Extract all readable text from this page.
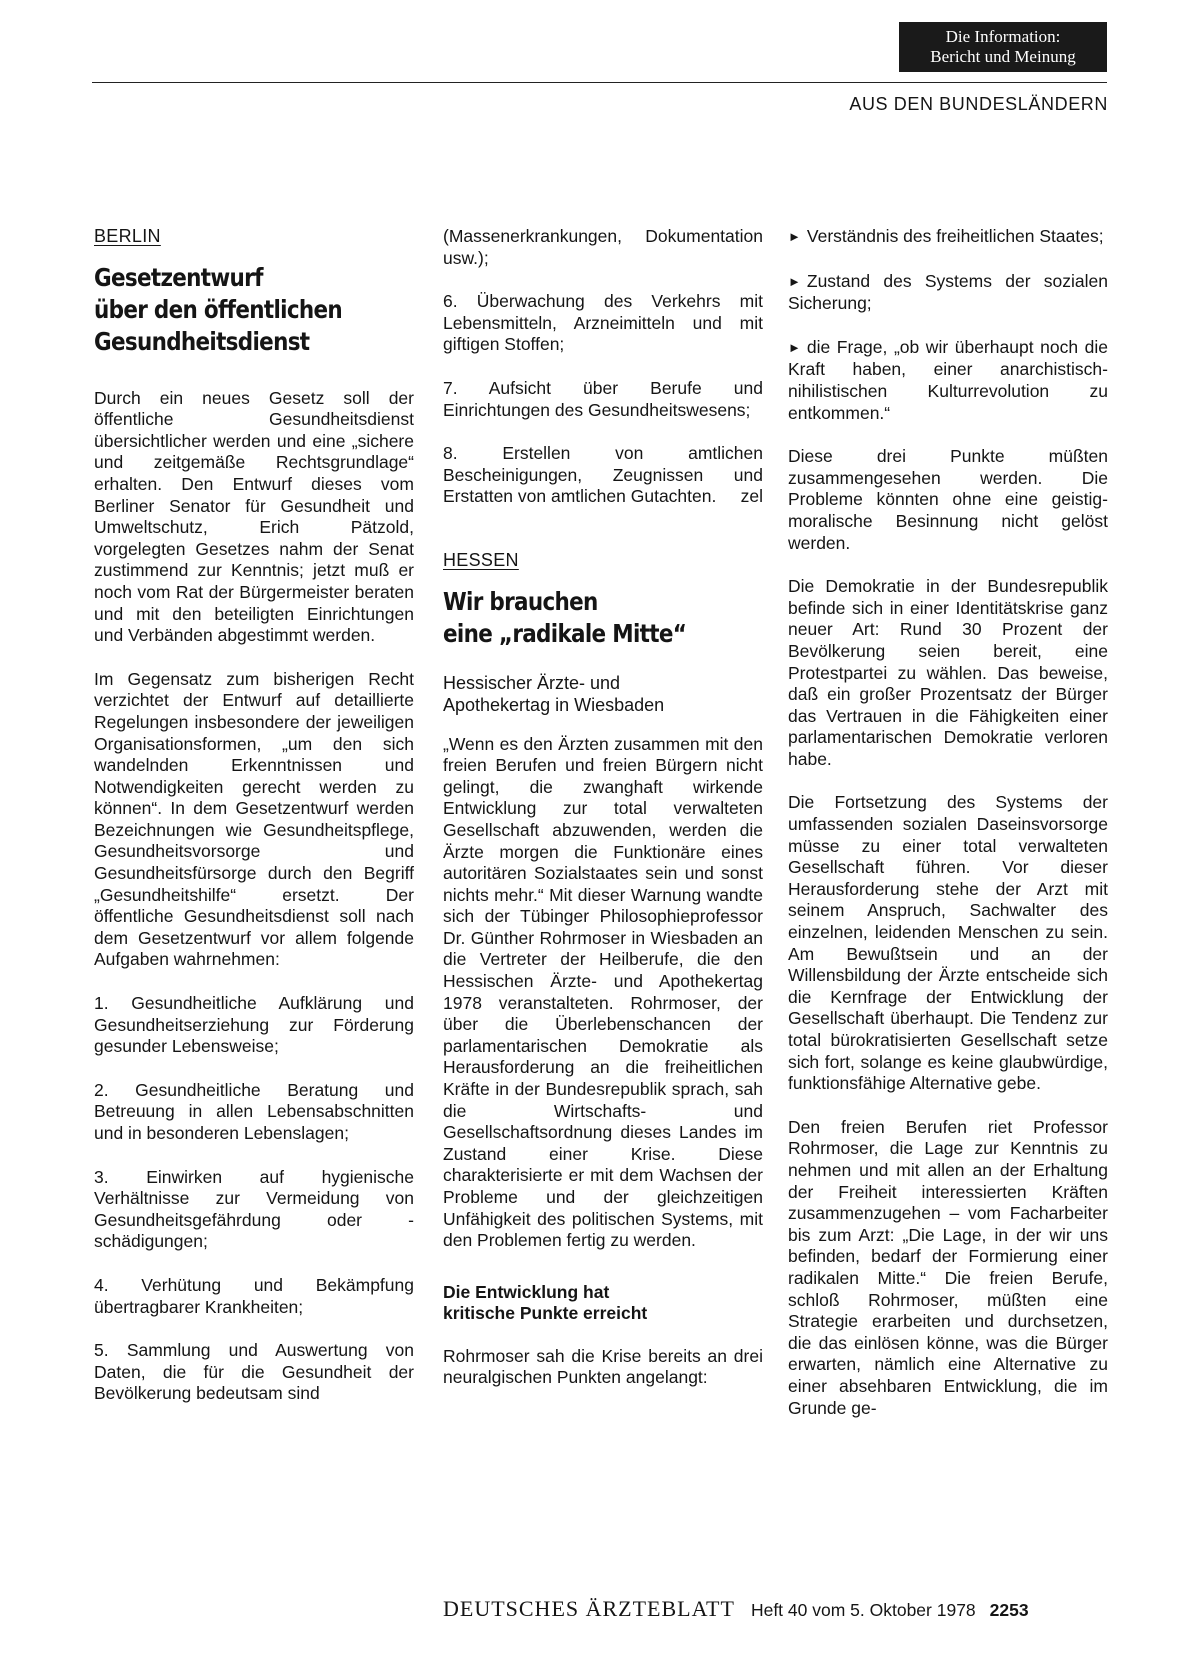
Die Information:
Bericht und Meinung
AUS DEN BUNDESLÄNDERN
BERLIN
Gesetzentwurf
über den öffentlichen
Gesundheitsdienst

Durch ein neues Gesetz soll der öffentliche Gesundheitsdienst übersichtlicher werden und eine „sichere und zeitgemäße Rechtsgrundlage“ erhalten. Den Entwurf dieses vom Berliner Senator für Gesundheit und Umweltschutz, Erich Pätzold, vorgelegten Gesetzes nahm der Senat zustimmend zur Kenntnis; jetzt muß er noch vom Rat der Bürgermeister beraten und mit den beteiligten Einrichtungen und Verbänden abgestimmt werden.

Im Gegensatz zum bisherigen Recht verzichtet der Entwurf auf detaillierte Regelungen insbesondere der jeweiligen Organisationsformen, „um den sich wandelnden Erkenntnissen und Notwendigkeiten gerecht werden zu können“. In dem Gesetzentwurf werden Bezeichnungen wie Gesundheitspflege, Gesundheitsvorsorge und Gesundheitsfürsorge durch den Begriff „Gesundheitshilfe“ ersetzt. Der öffentliche Gesundheitsdienst soll nach dem Gesetzentwurf vor allem folgende Aufgaben wahrnehmen:

1. Gesundheitliche Aufklärung und Gesundheitserziehung zur Förderung gesunder Lebensweise;

2. Gesundheitliche Beratung und Betreuung in allen Lebensabschnitten und in besonderen Lebenslagen;

3. Einwirken auf hygienische Verhältnisse zur Vermeidung von Gesundheitsgefährdung oder -schädigungen;

4. Verhütung und Bekämpfung übertragbarer Krankheiten;

5. Sammlung und Auswertung von Daten, die für die Gesundheit der Bevölkerung bedeutsam sind

(Massenerkrankungen, Dokumentation usw.);

6. Überwachung des Verkehrs mit Lebensmitteln, Arzneimitteln und mit giftigen Stoffen;

7. Aufsicht über Berufe und Einrichtungen des Gesundheitswesens;

8. Erstellen von amtlichen Bescheinigungen, Zeugnissen und Erstatten von amtlichen Gutachten. zel

HESSEN
Wir brauchen
eine „radikale Mitte“
Hessischer Ärzte- und
Apothekertag in Wiesbaden

„Wenn es den Ärzten zusammen mit den freien Berufen und freien Bürgern nicht gelingt, die zwanghaft wirkende Entwicklung zur total verwalteten Gesellschaft abzuwenden, werden die Ärzte morgen die Funktionäre eines autoritären Sozialstaates sein und sonst nichts mehr.“ Mit dieser Warnung wandte sich der Tübinger Philosophieprofessor Dr. Günther Rohrmoser in Wiesbaden an die Vertreter der Heilberufe, die den Hessischen Ärzte- und Apothekertag 1978 veranstalteten. Rohrmoser, der über die Überlebenschancen der parlamentarischen Demokratie als Herausforderung an die freiheitlichen Kräfte in der Bundesrepublik sprach, sah die Wirtschafts- und Gesellschaftsordnung dieses Landes im Zustand einer Krise. Diese charakterisierte er mit dem Wachsen der Probleme und der gleichzeitigen Unfähigkeit des politischen Systems, mit den Problemen fertig zu werden.

Die Entwicklung hat
kritische Punkte erreicht

Rohrmoser sah die Krise bereits an drei neuralgischen Punkten angelangt:

► Verständnis des freiheitlichen Staates;

► Zustand des Systems der sozialen Sicherung;

► die Frage, „ob wir überhaupt noch die Kraft haben, einer anarchistisch-nihilistischen Kulturrevolution zu entkommen.“

Diese drei Punkte müßten zusammengesehen werden. Die Probleme könnten ohne eine geistig-moralische Besinnung nicht gelöst werden.

Die Demokratie in der Bundesrepublik befinde sich in einer Identitätskrise ganz neuer Art: Rund 30 Prozent der Bevölkerung seien bereit, eine Protestpartei zu wählen. Das beweise, daß ein großer Prozentsatz der Bürger das Vertrauen in die Fähigkeiten einer parlamentarischen Demokratie verloren habe.

Die Fortsetzung des Systems der umfassenden sozialen Daseinsvorsorge müsse zu einer total verwalteten Gesellschaft führen. Vor dieser Herausforderung stehe der Arzt mit seinem Anspruch, Sachwalter des einzelnen, leidenden Menschen zu sein. Am Bewußtsein und an der Willensbildung der Ärzte entscheide sich die Kernfrage der Entwicklung der Gesellschaft überhaupt. Die Tendenz zur total bürokratisierten Gesellschaft setze sich fort, solange es keine glaubwürdige, funktionsfähige Alternative gebe.

Den freien Berufen riet Professor Rohrmoser, die Lage zur Kenntnis zu nehmen und mit allen an der Erhaltung der Freiheit interessierten Kräften zusammenzugehen – vom Facharbeiter bis zum Arzt: „Die Lage, in der wir uns befinden, bedarf der Formierung einer radikalen Mitte.“ Die freien Berufe, schloß Rohrmoser, müßten eine Strategie erarbeiten und durchsetzen, die das einlösen könne, was die Bürger erwarten, nämlich eine Alternative zu einer absehbaren Entwicklung, die im Grunde ge-

DEUTSCHES ÄRZTEBLATT Heft 40 vom 5. Oktober 1978 2253
